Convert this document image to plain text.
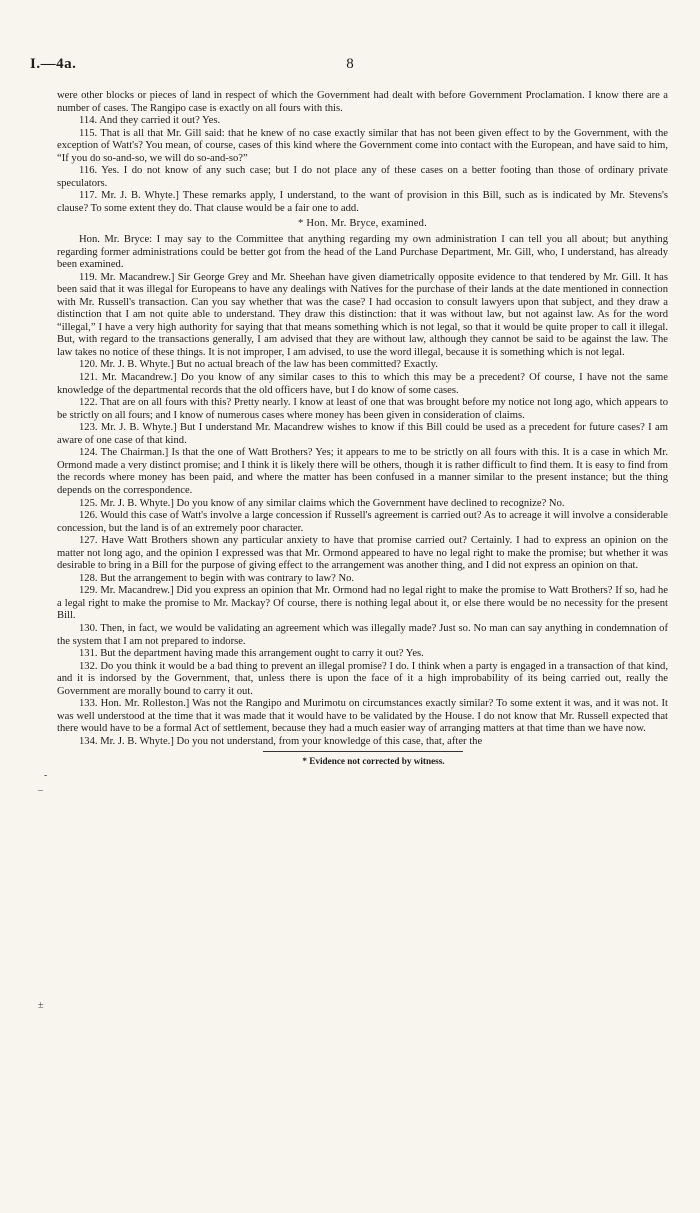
8
I.—4a.

were other blocks or pieces of land in respect of which the Government had dealt with before Government Proclamation. I know there are a number of cases. The Rangipo case is exactly on all fours with this.

114. And they carried it out? Yes.

115. That is all that Mr. Gill said: that he knew of no case exactly similar that has not been given effect to by the Government, with the exception of Watt's? You mean, of course, cases of this kind where the Government come into contact with the European, and have said to him, “If you do so-and-so, we will do so-and-so?”

116. Yes. I do not know of any such case; but I do not place any of these cases on a better footing than those of ordinary private speculators.

117. Mr. J. B. Whyte.] These remarks apply, I understand, to the want of provision in this Bill, such as is indicated by Mr. Stevens's clause? To some extent they do. That clause would be a fair one to add.

* Hon. Mr. Bryce, examined.

Hon. Mr. Bryce: I may say to the Committee that anything regarding my own administration I can tell you all about; but anything regarding former administrations could be better got from the head of the Land Purchase Department, Mr. Gill, who, I understand, has already been examined.

119. Mr. Macandrew.] Sir George Grey and Mr. Sheehan have given diametrically opposite evidence to that tendered by Mr. Gill. It has been said that it was illegal for Europeans to have any dealings with Natives for the purchase of their lands at the date mentioned in connection with Mr. Russell's transaction. Can you say whether that was the case? I had occasion to consult lawyers upon that subject, and they draw a distinction that I am not quite able to understand. They draw this distinction: that it was without law, but not against law. As for the word “illegal,” I have a very high authority for saying that that means something which is not legal, so that it would be quite proper to call it illegal. But, with regard to the transactions generally, I am advised that they are without law, although they cannot be said to be against the law. The law takes no notice of these things. It is not improper, I am advised, to use the word illegal, because it is something which is not legal.

120. Mr. J. B. Whyte.] But no actual breach of the law has been committed? Exactly.

121. Mr. Macandrew.] Do you know of any similar cases to this to which this may be a precedent? Of course, I have not the same knowledge of the departmental records that the old officers have, but I do know of some cases.

122. That are on all fours with this? Pretty nearly. I know at least of one that was brought before my notice not long ago, which appears to be strictly on all fours; and I know of numerous cases where money has been given in consideration of claims.

123. Mr. J. B. Whyte.] But I understand Mr. Macandrew wishes to know if this Bill could be used as a precedent for future cases? I am aware of one case of that kind.

124. The Chairman.] Is that the one of Watt Brothers? Yes; it appears to me to be strictly on all fours with this. It is a case in which Mr. Ormond made a very distinct promise; and I think it is likely there will be others, though it is rather difficult to find them. It is easy to find from the records where money has been paid, and where the matter has been confused in a manner similar to the present instance; but the thing depends on the correspondence.

125. Mr. J. B. Whyte.] Do you know of any similar claims which the Government have declined to recognize? No.

126. Would this case of Watt's involve a large concession if Russell's agreement is carried out? As to acreage it will involve a considerable concession, but the land is of an extremely poor character.

127. Have Watt Brothers shown any particular anxiety to have that promise carried out? Certainly. I had to express an opinion on the matter not long ago, and the opinion I expressed was that Mr. Ormond appeared to have no legal right to make the promise; but whether it was desirable to bring in a Bill for the purpose of giving effect to the arrangement was another thing, and I did not express an opinion on that.

128. But the arrangement to begin with was contrary to law? No.

129. Mr. Macandrew.] Did you express an opinion that Mr. Ormond had no legal right to make the promise to Watt Brothers? If so, had he a legal right to make the promise to Mr. Mackay? Of course, there is nothing legal about it, or else there would be no necessity for the present Bill.

130. Then, in fact, we would be validating an agreement which was illegally made? Just so. No man can say anything in condemnation of the system that I am not prepared to indorse.

131. But the department having made this arrangement ought to carry it out? Yes.

132. Do you think it would be a bad thing to prevent an illegal promise? I do. I think when a party is engaged in a transaction of that kind, and it is indorsed by the Government, that, unless there is upon the face of it a high improbability of its being carried out, really the Government are morally bound to carry it out.

133. Hon. Mr. Rolleston.] Was not the Rangipo and Murimotu on circumstances exactly similar? To some extent it was, and it was not. It was well understood at the time that it was made that it would have to be validated by the House. I do not know that Mr. Russell expected that there would have to be a formal Act of settlement, because they had a much easier way of arranging matters at that time than we have now.

134. Mr. J. B. Whyte.] Do you not understand, from your knowledge of this case, that, after the

* Evidence not corrected by witness.

‐
–
±
